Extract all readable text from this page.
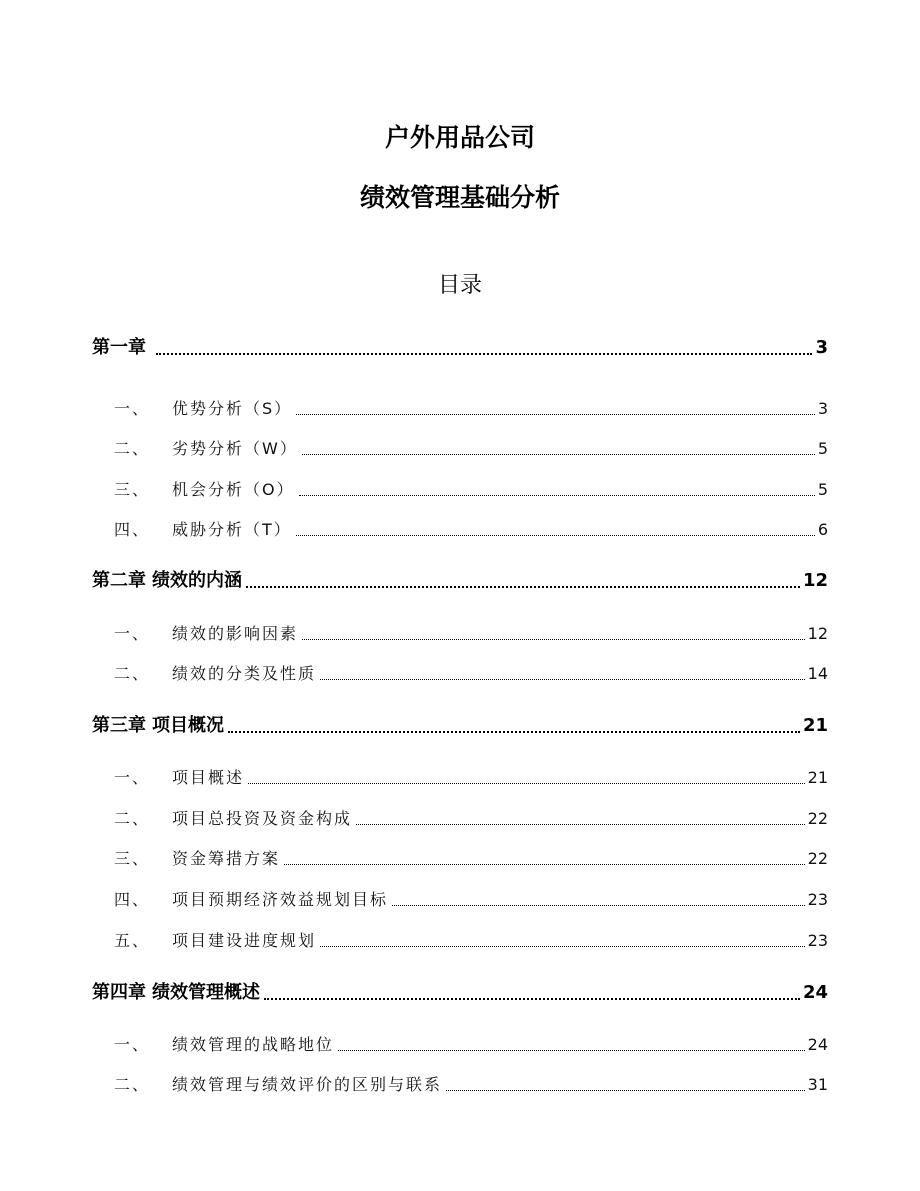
户外用品公司
绩效管理基础分析
目录
第一章	3
一、	优势分析（S）	3
二、	劣势分析（W）	5
三、	机会分析（O）	5
四、	威胁分析（T）	6
第二章 绩效的内涵	12
一、	绩效的影响因素	12
二、	绩效的分类及性质	14
第三章 项目概况	21
一、	项目概述	21
二、	项目总投资及资金构成	22
三、	资金筹措方案	22
四、	项目预期经济效益规划目标	23
五、	项目建设进度规划	23
第四章 绩效管理概述	24
一、	绩效管理的战略地位	24
二、	绩效管理与绩效评价的区别与联系	31
